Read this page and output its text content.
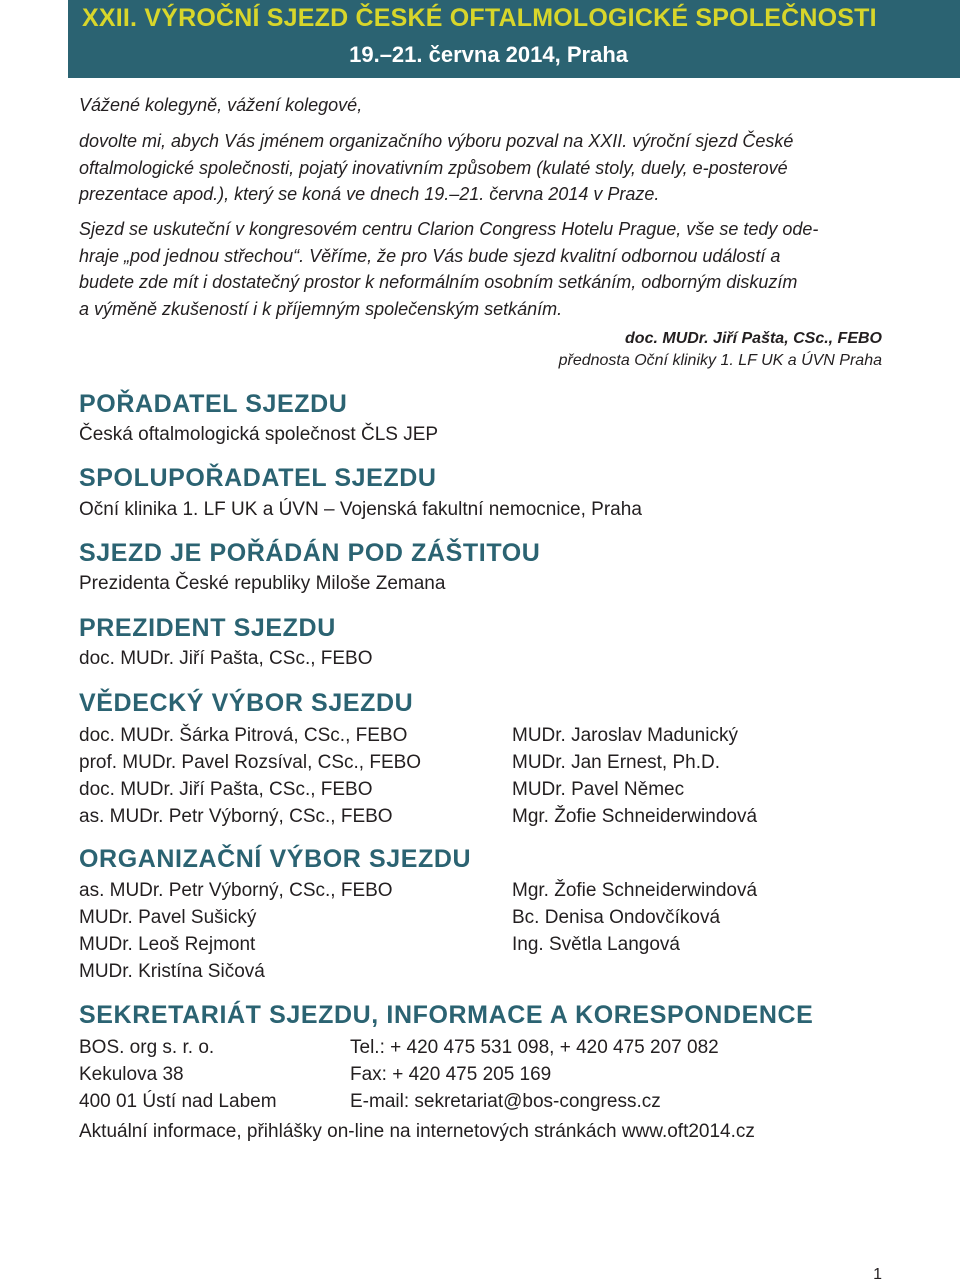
XXII. VÝROČNÍ SJEZD ČESKÉ OFTALMOLOGICKÉ SPOLEČNOSTI
19.–21. června 2014, Praha

Vážené kolegyně, vážení kolegové,

dovolte mi, abych Vás jménem organizačního výboru pozval na XXII. výroční sjezd České

oftalmologické společnosti, pojatý inovativním způsobem (kulaté stoly, duely, e-posterové

prezentace apod.), který se koná ve dnech 19.–21. června 2014 v Praze.

Sjezd se uskuteční v kongresovém centru Clarion Congress Hotelu Prague, vše se tedy ode-

hraje „pod jednou střechou“. Věříme, že pro Vás bude sjezd kvalitní odbornou událostí a

budete zde mít i dostatečný prostor k neformálním osobním setkáním, odborným diskuzím

a výměně zkušeností i k příjemným společenským setkáním.

doc. MUDr. Jiří Pašta, CSc., FEBO
přednosta Oční kliniky 1. LF UK a ÚVN Praha
POŘADATEL SJEZDU
Česká oftalmologická společnost ČLS JEP
SPOLUPOŘADATEL SJEZDU
Oční klinika 1. LF UK a ÚVN – Vojenská fakultní nemocnice, Praha
SJEZD JE POŘÁDÁN POD ZÁŠTITOU
Prezidenta České republiky Miloše Zemana
PREZIDENT SJEZDU
doc. MUDr. Jiří Pašta, CSc., FEBO
VĚDECKÝ VÝBOR SJEZDU
doc. MUDr. Šárka Pitrová, CSc., FEBO
prof. MUDr. Pavel Rozsíval, CSc., FEBO
doc. MUDr. Jiří Pašta, CSc., FEBO
as. MUDr. Petr Výborný, CSc., FEBO
MUDr. Jaroslav Madunický
MUDr. Jan Ernest, Ph.D.
MUDr. Pavel Němec
Mgr. Žofie Schneiderwindová
ORGANIZAČNÍ VÝBOR SJEZDU
as. MUDr. Petr Výborný, CSc., FEBO
MUDr. Pavel Sušický
MUDr. Leoš Rejmont
MUDr. Kristína Sičová
Mgr. Žofie Schneiderwindová
Bc. Denisa Ondovčíková
Ing. Světla Langová
SEKRETARIÁT SJEZDU, INFORMACE A KORESPONDENCE
BOS. org s. r. o.
Kekulova 38
400 01 Ústí nad Labem
Tel.: + 420 475 531 098, + 420 475 207 082
Fax: + 420 475 205 169
E-mail: sekretariat@bos-congress.cz
Aktuální informace, přihlášky on-line na internetových stránkách www.oft2014.cz
1
